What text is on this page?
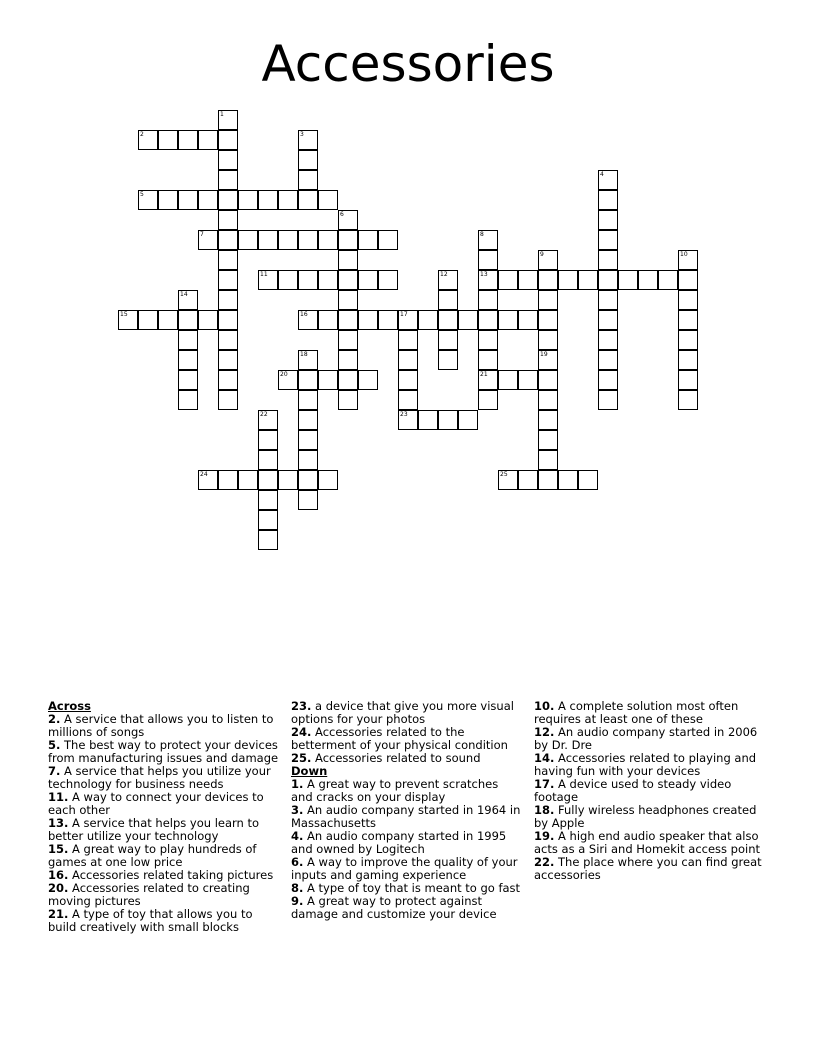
Accessories
1
2	3
4
5
6
7	8
13
21
9	10
11	12
14
15	16	17
23
18	19
20
22
24	25
Across
2. A service that allows you to listen to millions of songs
5. The best way to protect your devices from manufacturing issues and damage
7. A service that helps you utilize your technology for business needs
11. A way to connect your devices to each other
13. A service that helps you learn to better utilize your technology
15. A great way to play hundreds of games at one low price
16. Accessories related taking pictures
20. Accessories related to creating moving pictures
21. A type of toy that allows you to build creatively with small blocks
23. a device that give you more visual options for your photos
24. Accessories related to the betterment of your physical condition
25. Accessories related to sound
Down
1. A great way to prevent scratches and cracks on your display
3. An audio company started in 1964 in Massachusetts
4. An audio company started in 1995 and owned by Logitech
6. A way to improve the quality of your inputs and gaming experience
8. A type of toy that is meant to go fast
9. A great way to protect against damage and customize your device
10. A complete solution most often requires at least one of these
12. An audio company started in 2006 by Dr. Dre
14. Accessories related to playing and having fun with your devices
17. A device used to steady video footage
18. Fully wireless headphones created by Apple
19. A high end audio speaker that also acts as a Siri and Homekit access point
22. The place where you can find great accessories
